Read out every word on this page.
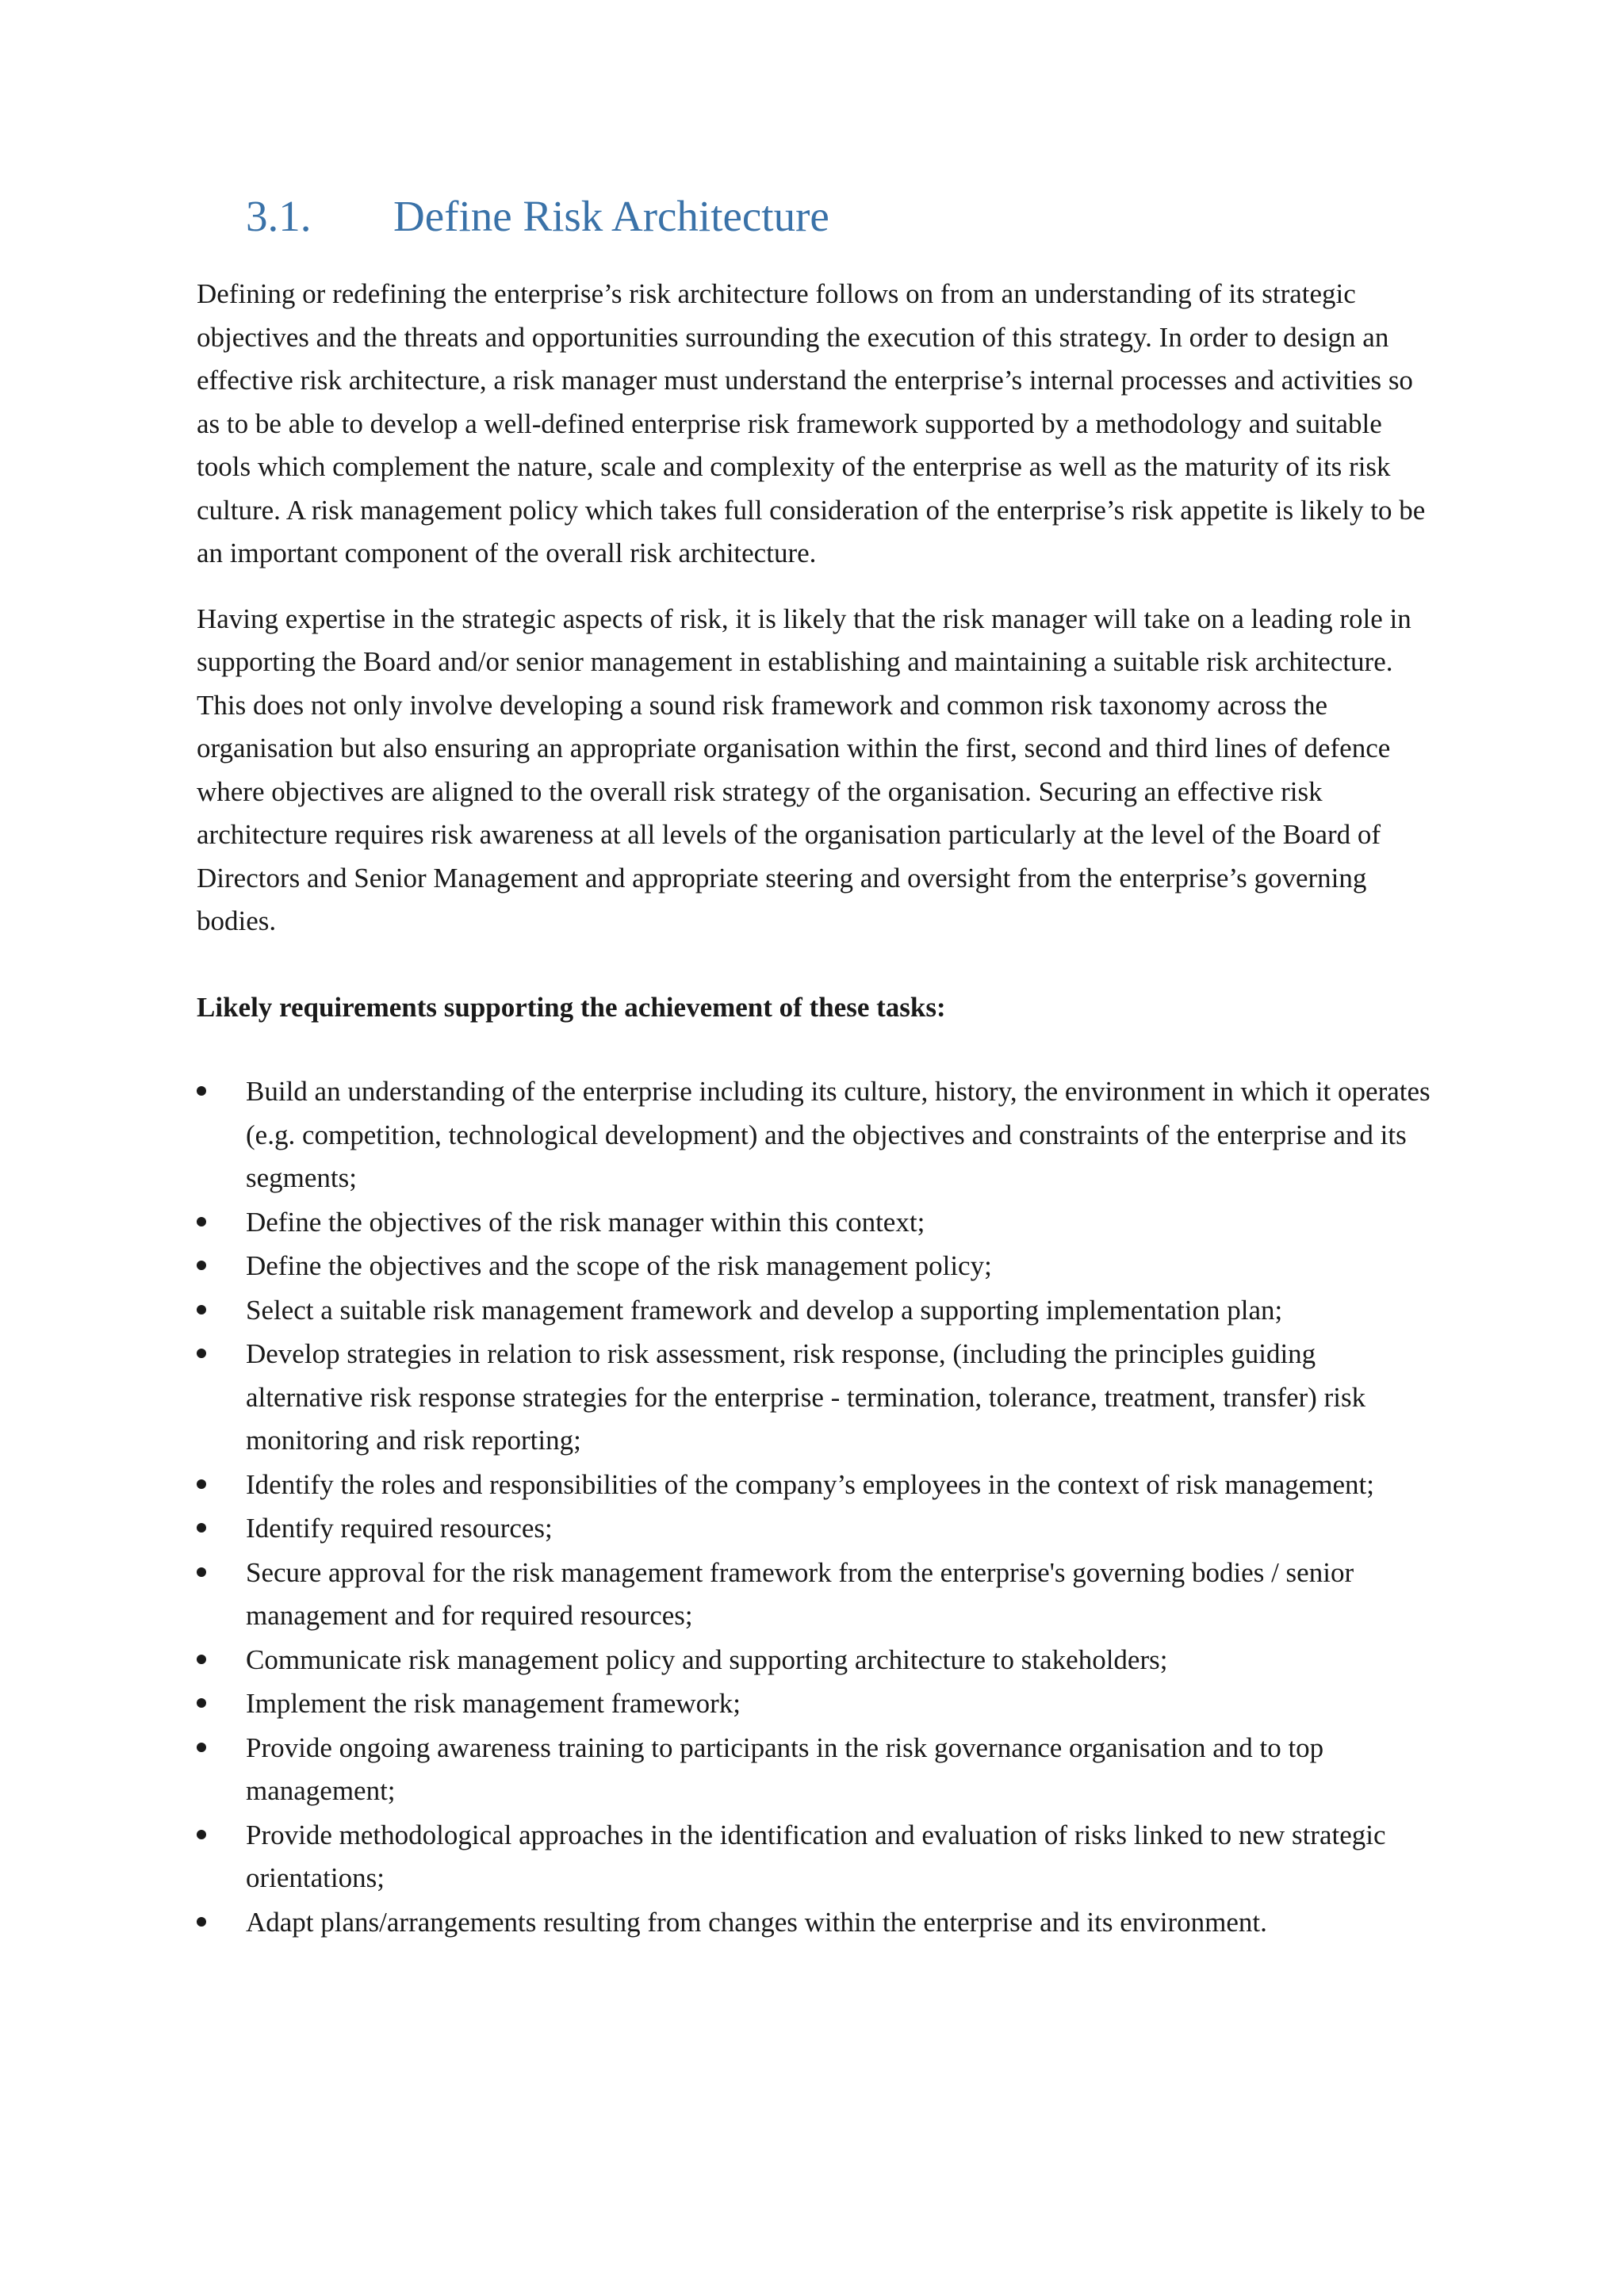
3.1.	Define Risk Architecture

Defining or redefining the enterprise’s risk architecture follows on from an understanding of its strategic objectives and the threats and opportunities surrounding the execution of this strategy. In order to design an effective risk architecture, a risk manager must understand the enterprise’s internal processes and activities so as to be able to develop a well-defined enterprise risk framework supported by a methodology and suitable tools which complement the nature, scale and complexity of the enterprise as well as the maturity of its risk culture. A risk management policy which takes full consideration of the enterprise’s risk appetite is likely to be an important component of the overall risk architecture.

Having expertise in the strategic aspects of risk, it is likely that the risk manager will take on a leading role in supporting the Board and/or senior management in establishing and maintaining a suitable risk architecture. This does not only involve developing a sound risk framework and common risk taxonomy across the organisation but also ensuring an appropriate organisation within the first, second and third lines of defence where objectives are aligned to the overall risk strategy of the organisation. Securing an effective risk architecture requires risk awareness at all levels of the organisation particularly at the level of the Board of Directors and Senior Management and appropriate steering and oversight from the enterprise’s governing bodies.

Likely requirements supporting the achievement of these tasks:

Build an understanding of the enterprise including its culture, history, the environment in which it operates (e.g. competition, technological development) and the objectives and constraints of the enterprise and its segments;
Define the objectives of the risk manager within this context;
Define the objectives and the scope of the risk management policy;
Select a suitable risk management framework and develop a supporting implementation plan;
Develop strategies in relation to risk assessment, risk response, (including the principles guiding alternative risk response strategies for the enterprise - termination, tolerance, treatment, transfer) risk monitoring and risk reporting;
Identify the roles and responsibilities of the company’s employees in the context of risk management;
Identify required resources;
Secure approval for the risk management framework from the enterprise's governing bodies / senior management and for required resources;
Communicate risk management policy and supporting architecture to stakeholders;
Implement the risk management framework;
Provide ongoing awareness training to participants in the risk governance organisation and to top management;
Provide methodological approaches in the identification and evaluation of risks linked to new strategic orientations;
Adapt plans/arrangements resulting from changes within the enterprise and its environment.
